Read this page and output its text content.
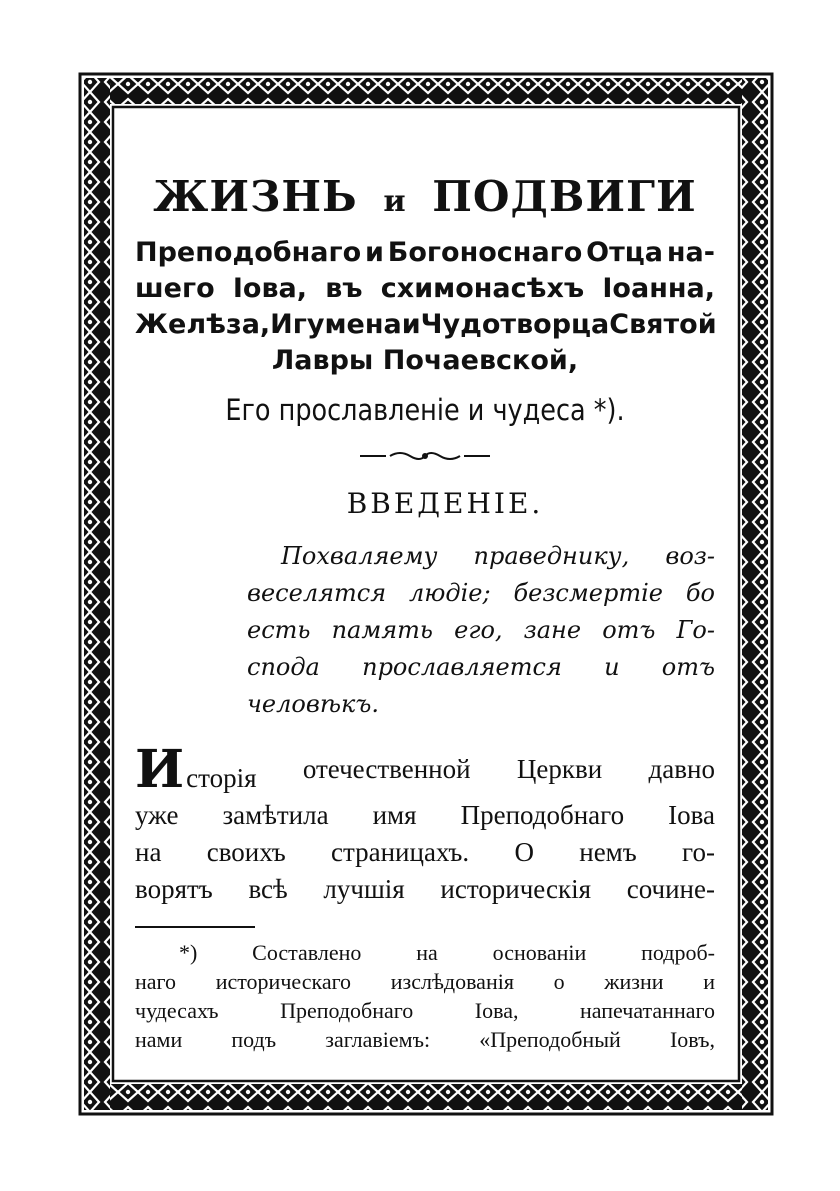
ЖИЗНЬ и ПОДВИГИ
Преподобнаго и Богоноснаго Отца на-
шего Іова, въ схимонасѣхъ Іоанна,
Желѣза, Игумена и Чудотворца Святой
Лавры Почаевской,
Его прославленіе и чудеса *).
ВВЕДЕНІЕ.
Похваляему праведнику, воз-
веселятся людіе; безсмертіе бо
есть память его, зане отъ Го-
спода прославляется и отъ
человѣкъ.
Исторія отечественной Церкви давно
уже замѣтила имя Преподобнаго Іова
на своихъ страницахъ. О немъ го-
ворятъ всѣ лучшія историческія сочине-
*) Составлено на основаніи подроб-
наго историческаго изслѣдованія о жизни и
чудесахъ	Преподобнаго	Іова,	напечатаннаго
нами подъ заглавіемъ: «Преподобный Іовъ,
